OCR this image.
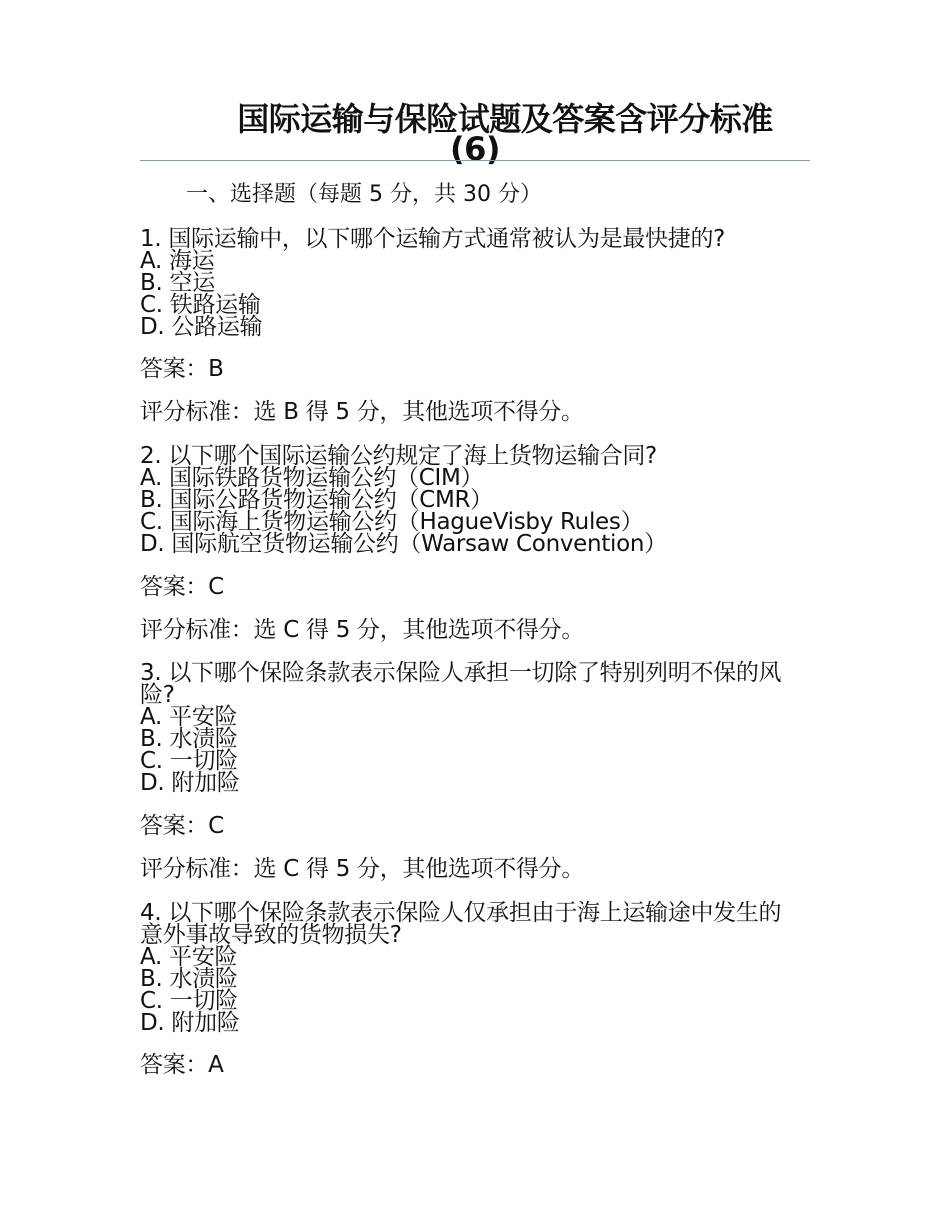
国际运输与保险试题及答案含评分标准
(6)
一、选择题（每题 5 分，共 30 分）
1. 国际运输中，以下哪个运输方式通常被认为是最快捷的?
A. 海运
B. 空运
C. 铁路运输
D. 公路运输
答案：B
评分标准：选 B 得 5 分，其他选项不得分。
2. 以下哪个国际运输公约规定了海上货物运输合同?
A. 国际铁路货物运输公约（CIM）
B. 国际公路货物运输公约（CMR）
C. 国际海上货物运输公约（HagueVisby Rules）
D. 国际航空货物运输公约（Warsaw Convention）
答案：C
评分标准：选 C 得 5 分，其他选项不得分。
3. 以下哪个保险条款表示保险人承担一切除了特别列明不保的风险?
A. 平安险
B. 水渍险
C. 一切险
D. 附加险
答案：C
评分标准：选 C 得 5 分，其他选项不得分。
4. 以下哪个保险条款表示保险人仅承担由于海上运输途中发生的意外事故导致的货物损失?
A. 平安险
B. 水渍险
C. 一切险
D. 附加险
答案：A
